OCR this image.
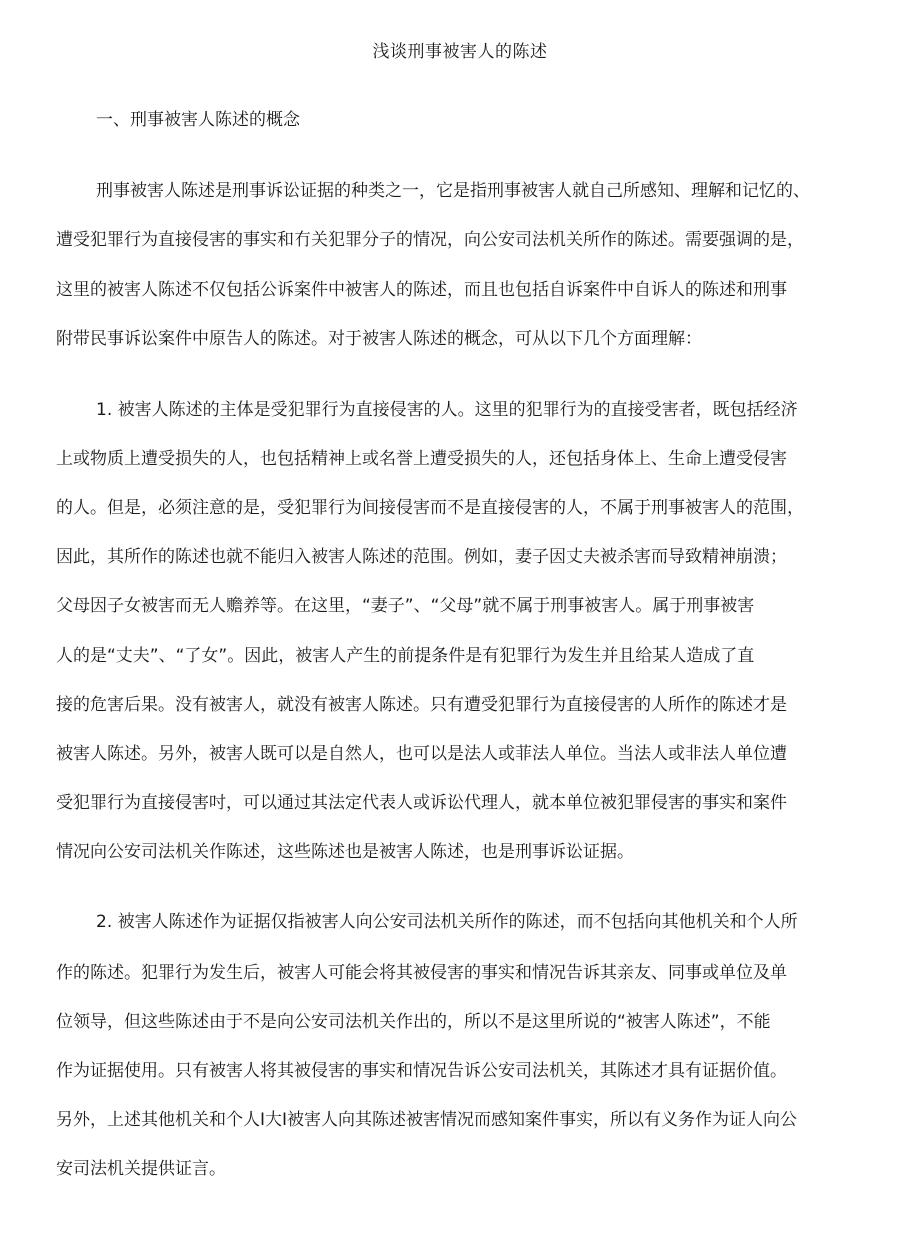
浅谈刑事被害人的陈述
一、刑事被害人陈述的概念
刑事被害人陈述是刑事诉讼证据的种类之一，它是指刑事被害人就自己所感知、理解和记忆的、
遭受犯罪行为直接侵害的事实和冇关犯罪分子的情况，向公安司法机关所作的陈述。需要强调的是，
这里的被害人陈述不仅包括公诉案件中被害人的陈述，而且也包括自诉案件中自诉人的陈述和刑事
附带民事诉讼案件中原告人的陈述。对于被害人陈述的概念，可从以下几个方面理解：
1. 被害人陈述的主体是受犯罪行为直接侵害的人。这里的犯罪行为的直接受害者，既包括经济
上或物质上遭受损失的人，也包括精神上或名誉上遭受损失的人，还包括身体上、生命上遭受侵害
的人。但是，必须注意的是，受犯罪行为间接侵害而不是直接侵害的人，不属于刑事被害人的范围，
因此，其所作的陈述也就不能归入被害人陈述的范围。例如，妻子因丈夫被杀害而导致精神崩溃；
父母因子女被害而无人赡养等。在这里，“妻子”、“父母”就不属于刑事被害人。属于刑事被害
人的是“丈夫”、“了女”。因此，被害人产生的前提条件是有犯罪行为发生并且给某人造成了直
接的危害后果。没有被害人，就没有被害人陈述。只有遭受犯罪行为直接侵害的人所作的陈述才是
被害人陈述。另外，被害人既可以是自然人，也可以是法人或菲法人单位。当法人或非法人单位遭
受犯罪行为直接侵害吋，可以通过其法定代表人或诉讼代理人，就本单位被犯罪侵害的事实和案件
情况向公安司法机关作陈述，这些陈述也是被害人陈述，也是刑事诉讼证据。
2. 被害人陈述作为证据仅指被害人向公安司法机关所作的陈述，而不包括向其他机关和个人所
作的陈述。犯罪行为发生后，被害人可能会将其被侵害的事实和情况告诉其亲友、同事或单位及单
位领导，但这些陈述由于不是向公安司法机关作出的，所以不是这里所说的“被害人陈述”，不能
作为证据使用。只有被害人将其被侵害的事实和情况告诉公安司法机关，其陈述才具有证据价值。
另外，上述其他机关和个人I大I被害人向其陈述被害情况而感知案件事实，所以有义务作为证人向公
安司法机关提供证言。
